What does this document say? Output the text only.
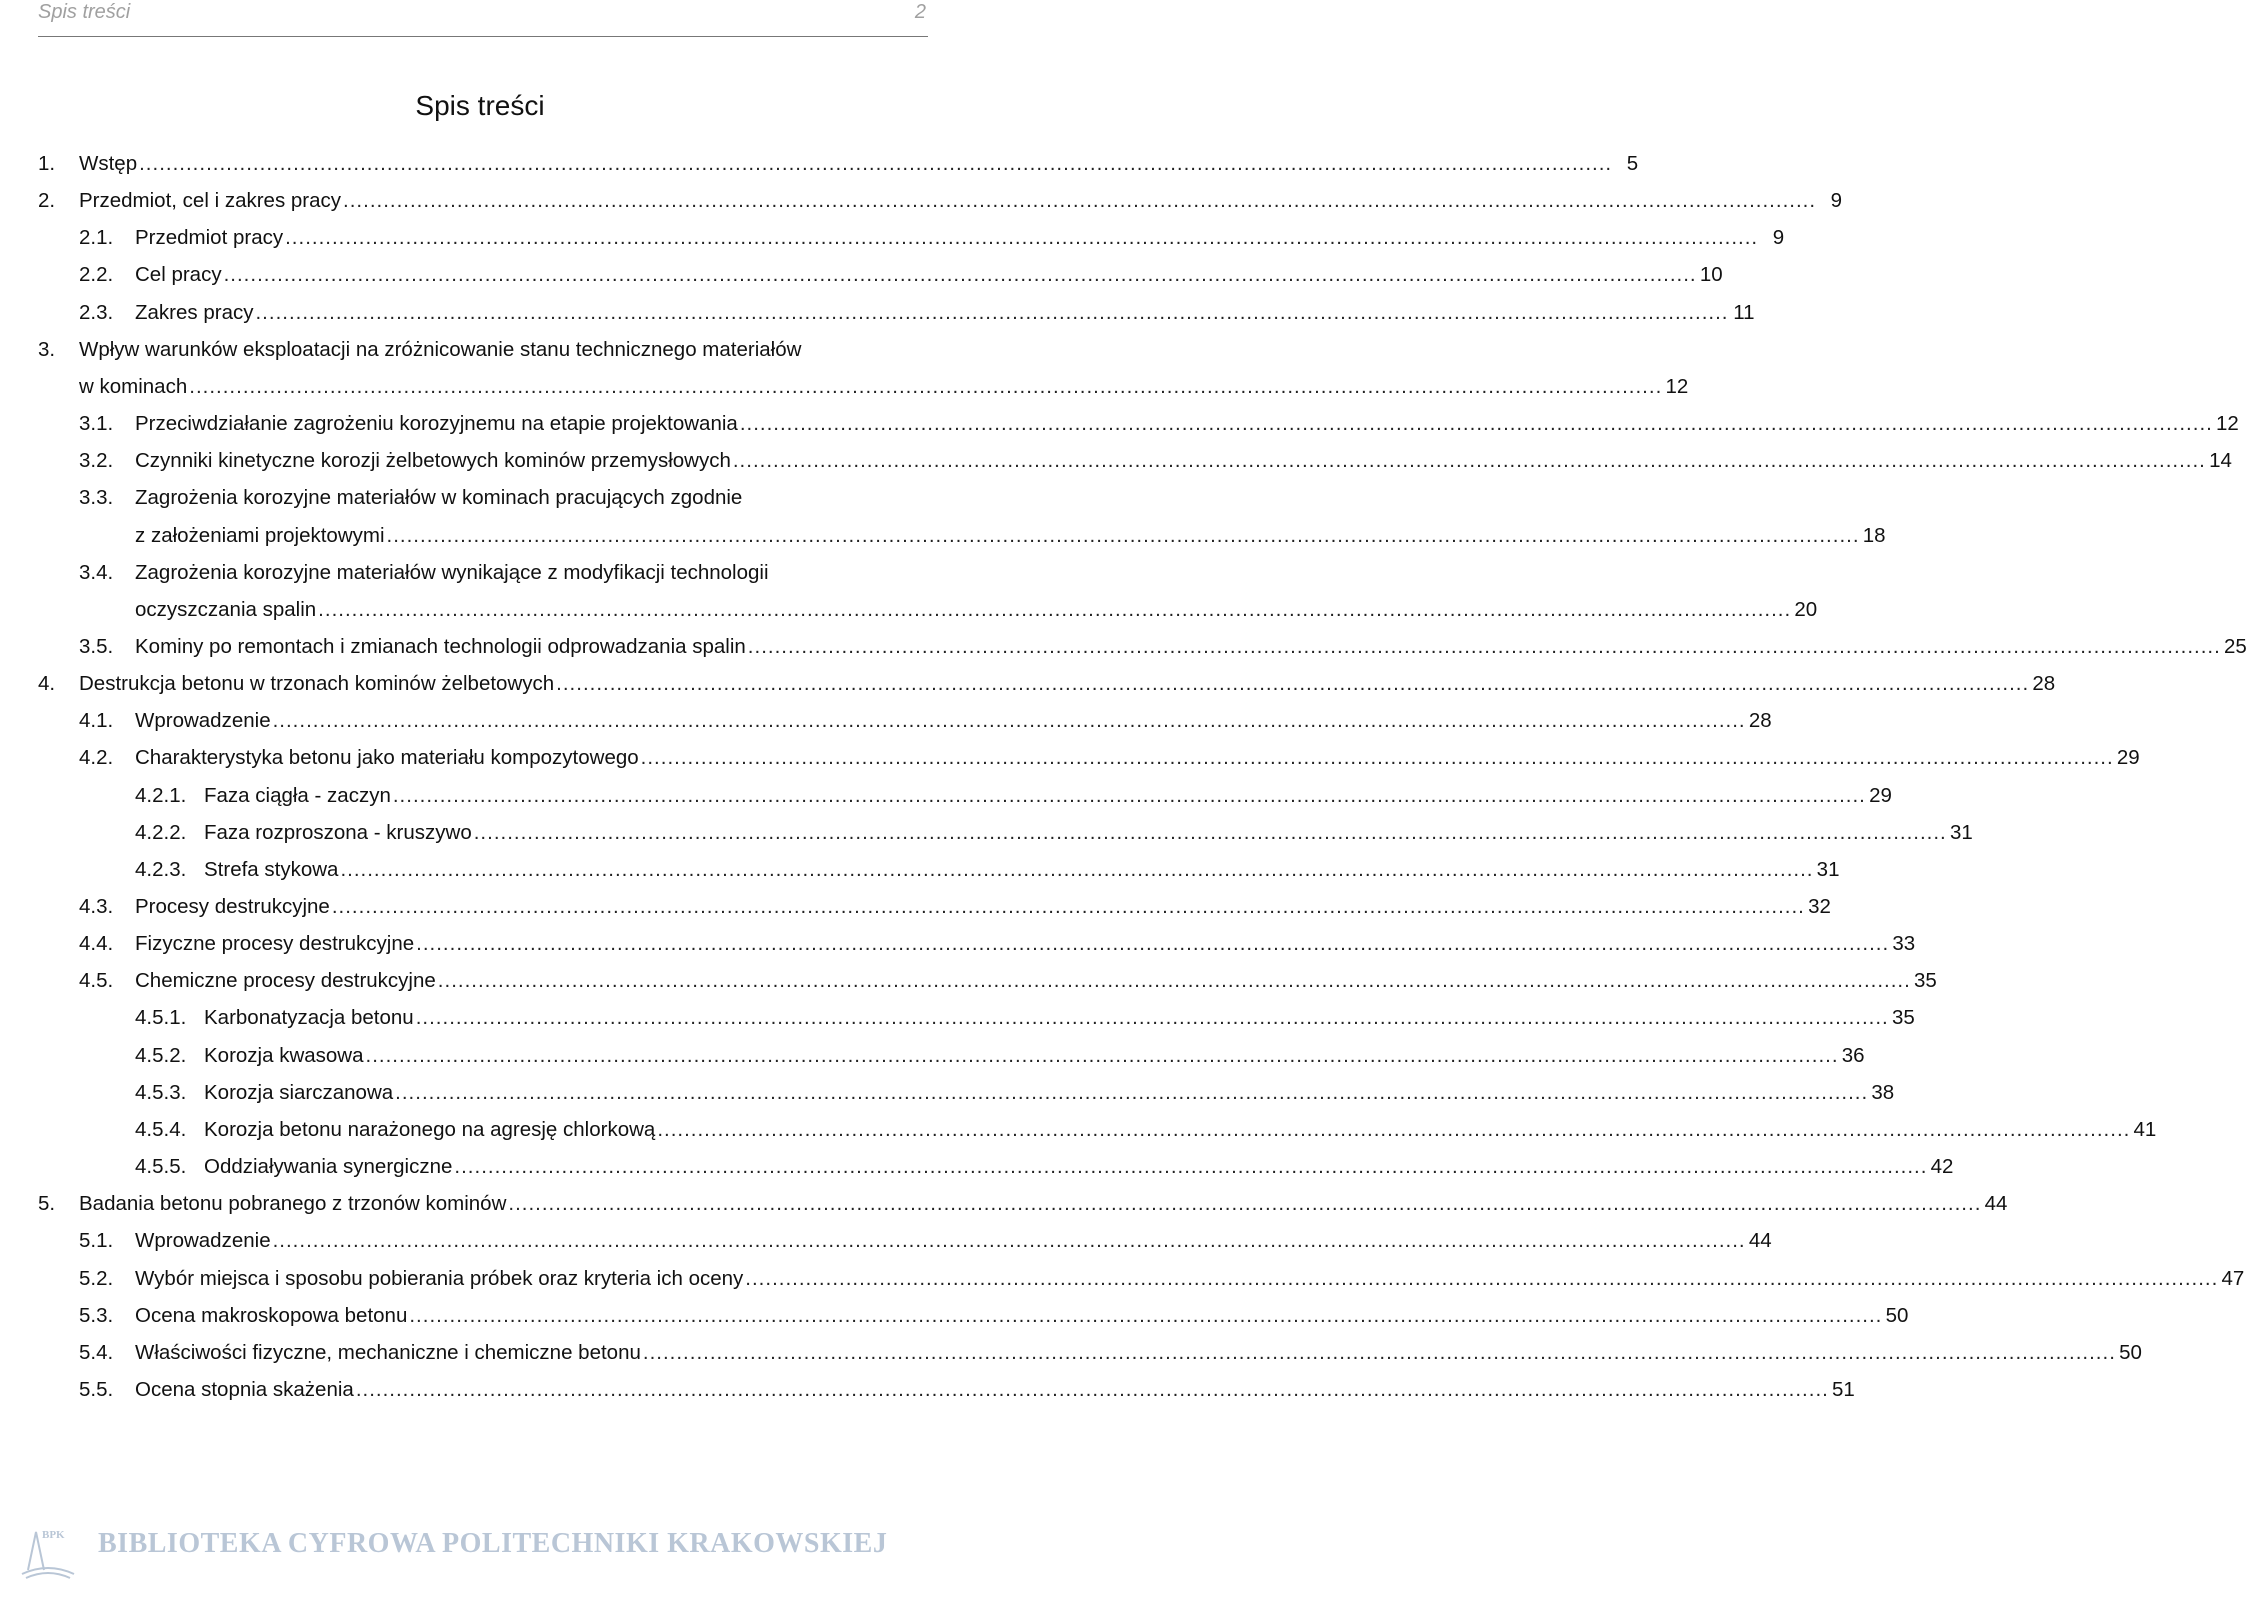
Spis treści	2
Spis treści
1. Wstęp ............................................................................................................................................................................................................................ 5
2. Przedmiot, cel i zakres pracy ............................................................................................................................................................................................................................ 9
2.1. Przedmiot pracy ............................................................................................................................................................................................................................ 9
2.2. Cel pracy ............................................................................................................................................................................................................................ 10
2.3. Zakres pracy ............................................................................................................................................................................................................................ 11
3. Wpływ warunków eksploatacji na zróżnicowanie stanu technicznego materiałów
w kominach ............................................................................................................................................................................................................................ 12
3.1. Przeciwdziałanie zagrożeniu korozyjnemu na etapie projektowania ............................................................................................................................................................................................................................ 12
3.2. Czynniki kinetyczne korozji żelbetowych kominów przemysłowych ............................................................................................................................................................................................................................ 14
3.3. Zagrożenia korozyjne materiałów w kominach pracujących zgodnie
z założeniami projektowymi ............................................................................................................................................................................................................................ 18
3.4. Zagrożenia korozyjne materiałów wynikające z modyfikacji technologii
oczyszczania spalin ............................................................................................................................................................................................................................ 20
3.5. Kominy po remontach i zmianach technologii odprowadzania spalin ............................................................................................................................................................................................................................ 25
4. Destrukcja betonu w trzonach kominów żelbetowych ............................................................................................................................................................................................................................ 28
4.1. Wprowadzenie ............................................................................................................................................................................................................................ 28
4.2. Charakterystyka betonu jako materiału kompozytowego ............................................................................................................................................................................................................................ 29
4.2.1. Faza ciągła - zaczyn ............................................................................................................................................................................................................................ 29
4.2.2. Faza rozproszona - kruszywo ............................................................................................................................................................................................................................ 31
4.2.3. Strefa stykowa ............................................................................................................................................................................................................................ 31
4.3. Procesy destrukcyjne ............................................................................................................................................................................................................................ 32
4.4. Fizyczne procesy destrukcyjne ............................................................................................................................................................................................................................ 33
4.5. Chemiczne procesy destrukcyjne ............................................................................................................................................................................................................................ 35
4.5.1. Karbonatyzacja betonu ............................................................................................................................................................................................................................ 35
4.5.2. Korozja kwasowa ............................................................................................................................................................................................................................ 36
4.5.3. Korozja siarczanowa ............................................................................................................................................................................................................................ 38
4.5.4. Korozja betonu narażonego na agresję chlorkową ............................................................................................................................................................................................................................ 41
4.5.5. Oddziaływania synergiczne ............................................................................................................................................................................................................................ 42
5. Badania betonu pobranego z trzonów kominów ............................................................................................................................................................................................................................ 44
5.1. Wprowadzenie ............................................................................................................................................................................................................................ 44
5.2. Wybór miejsca i sposobu pobierania próbek oraz kryteria ich oceny ............................................................................................................................................................................................................................ 47
5.3. Ocena makroskopowa betonu ............................................................................................................................................................................................................................ 50
5.4. Właściwości fizyczne, mechaniczne i chemiczne betonu ............................................................................................................................................................................................................................ 50
5.5. Ocena stopnia skażenia ............................................................................................................................................................................................................................ 51
BPK BIBLIOTEKA CYFROWA POLITECHNIKI KRAKOWSKIEJ
